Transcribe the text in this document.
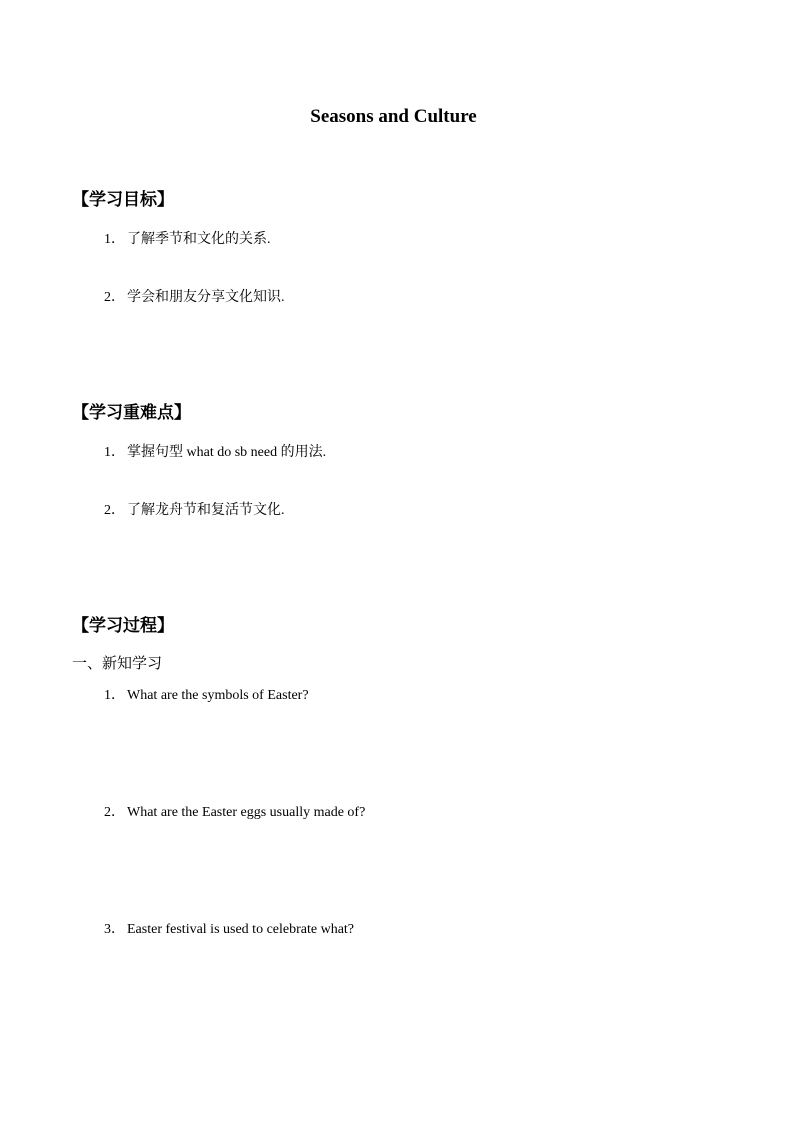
Seasons and Culture
【学习目标】
1． 了解季节和文化的关系.
2． 学会和朋友分享文化知识.
【学习重难点】
1． 掌握句型 what do sb need 的用法.
2． 了解龙舟节和复活节文化.
【学习过程】
一、新知学习
1． What are the symbols of Easter?
2． What are the Easter eggs usually made of?
3． Easter festival is used to celebrate what?
